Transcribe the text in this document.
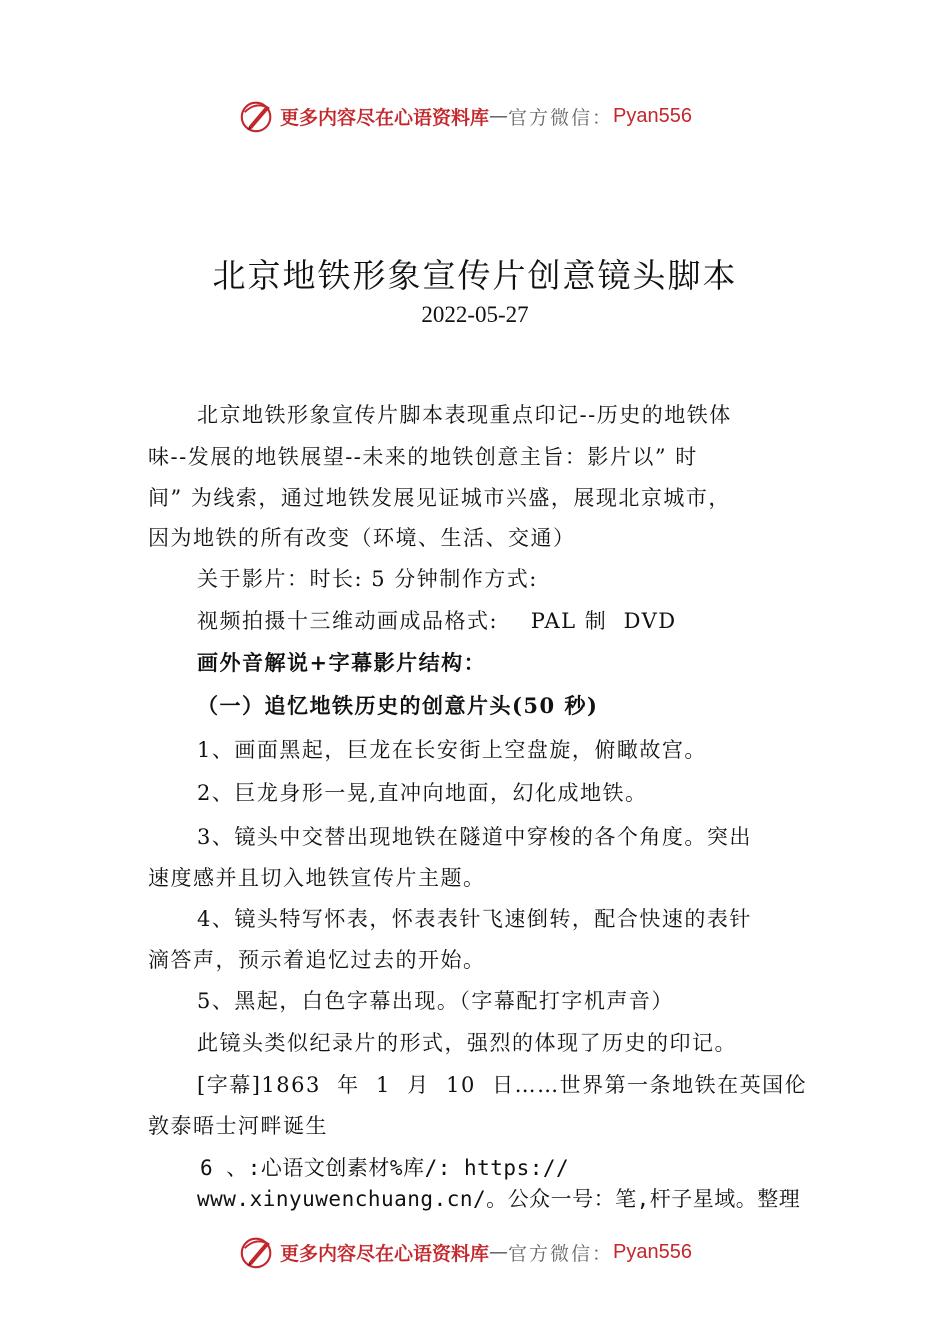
更多内容尽在心语资料库 — 官方微信： Pyan556
北京地铁形象宣传片创意镜头脚本
2022-05-27
北京地铁形象宣传片脚本表现重点印记--历史的地铁体
味--发展的地铁展望--未来的地铁创意主旨：影片以” 时
间” 为线索，通过地铁发展见证城市兴盛，展现北京城市，
因为地铁的所有改变（环境、生活、交通）
关于影片：时长: 5 分钟制作方式:
视频拍摄十三维动画成品格式:    PAL 制  DVD
画外音解说+字幕影片结构：
（一）追忆地铁历史的创意片头(50 秒)
1、画面黑起，巨龙在长安街上空盘旋，俯瞰故宫。
2、巨龙身形一晃,直冲向地面，幻化成地铁。
3、镜头中交替出现地铁在隧道中穿梭的各个角度。突出
速度感并且切入地铁宣传片主题。
4、镜头特写怀表，怀表表针飞速倒转，配合快速的表针
滴答声，预示着追忆过去的开始。
5、黑起，白色字幕出现。（字幕配打字机声音）
此镜头类似纪录片的形式，强烈的体现了历史的印记。
[字幕]1863  年  1  月  10  日……世界第一条地铁在英国伦
敦泰晤士河畔诞生
6 、:心语文创素材%库/: https://
www.xinyuwenchuang.cn/。公众一号：笔,杆子星域。整理
更多内容尽在心语资料库 — 官方微信： Pyan556
